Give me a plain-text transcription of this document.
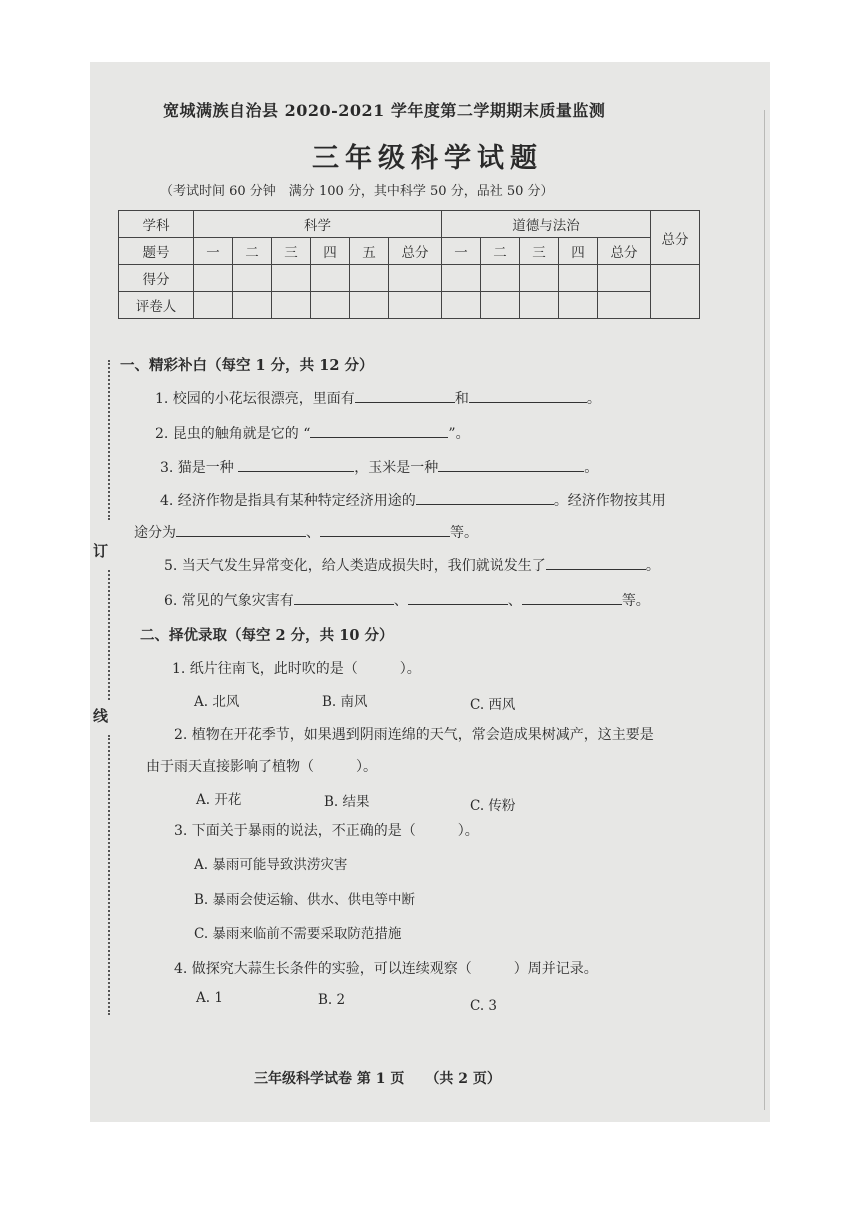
宽城满族自治县 2020-2021 学年度第二学期期末质量监测
三年级科学试题
（考试时间 60 分钟　满分 100 分，其中科学 50 分，品社 50 分）
学科	科学						道德与法治					总分
题号	一	二	三	四	五	总分	一	二	三	四	总分	
得分												
评卷人												
订
线
一、精彩补白（每空 1 分，共 12 分）
1. 校园的小花坛很漂亮，里面有	和	。
2. 昆虫的触角就是它的 “	”。
3. 猫是一种	，玉米是一种	。
4. 经济作物是指具有某种特定经济用途的	。经济作物按其用
途分为	、	等。
5. 当天气发生异常变化，给人类造成损失时，我们就说发生了	。
6. 常见的气象灾害有	、	、	等。
二、择优录取（每空 2 分，共 10 分）
1. 纸片往南飞，此时吹的是（　　　）。
A. 北风	B. 南风	C. 西风
2. 植物在开花季节，如果遇到阴雨连绵的天气，常会造成果树减产，这主要是
由于雨天直接影响了植物（　　　）。
A. 开花	B. 结果	C. 传粉
3. 下面关于暴雨的说法，不正确的是（　　　）。
A. 暴雨可能导致洪涝灾害
B. 暴雨会使运输、供水、供电等中断
C. 暴雨来临前不需要采取防范措施
4. 做探究大蒜生长条件的实验，可以连续观察（　　　）周并记录。
A. 1	B. 2	C. 3
三年级科学试卷 第 1 页　　（共 2 页）
